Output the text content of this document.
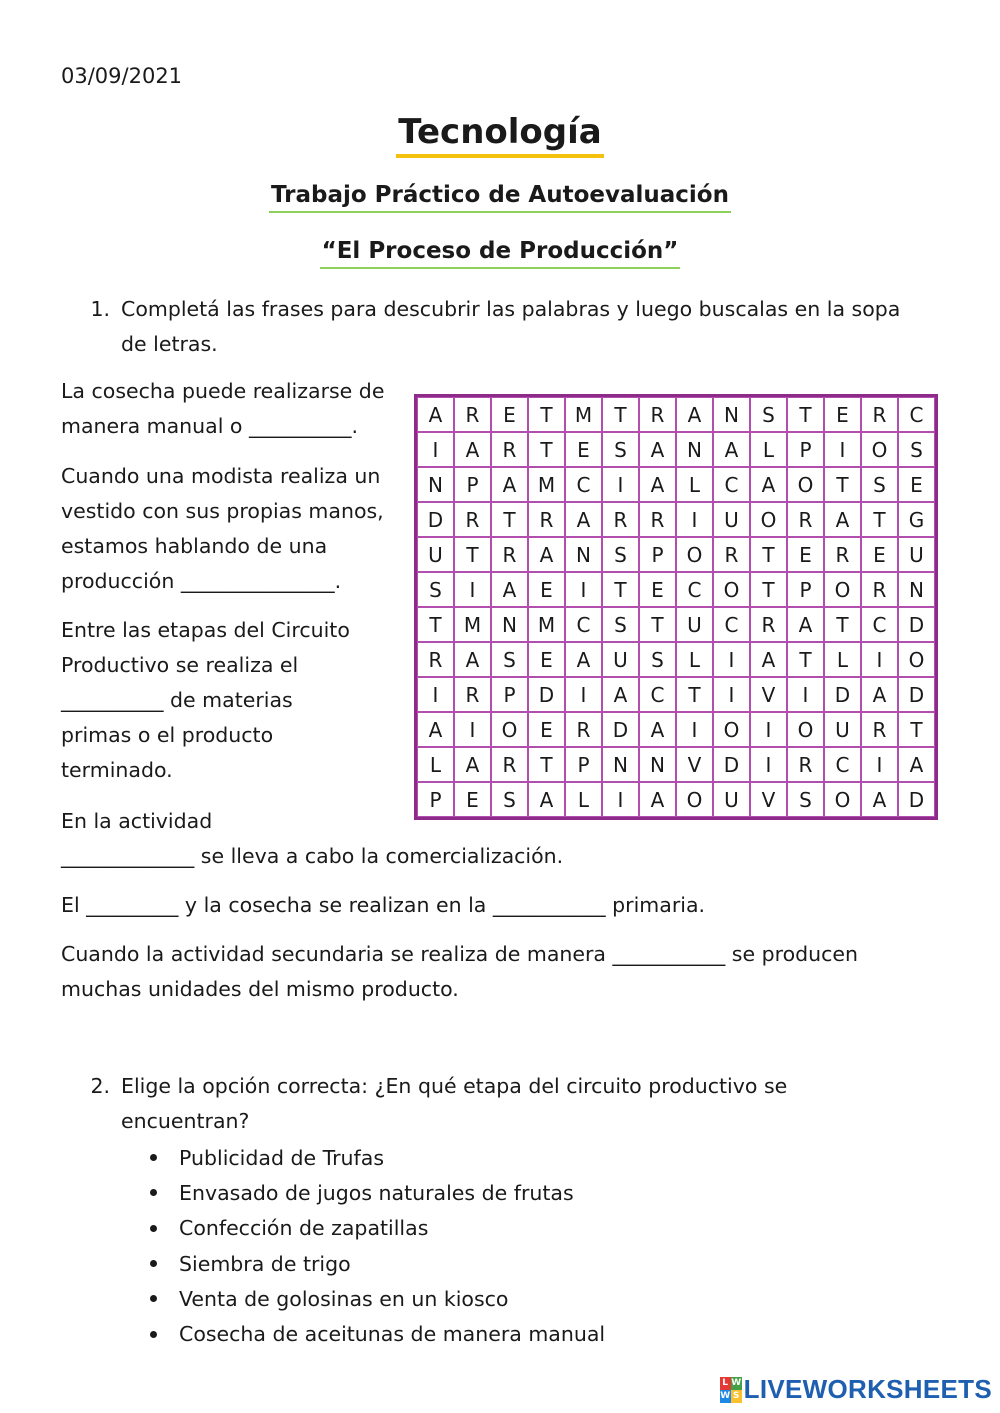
03/09/2021
Tecnología
Trabajo Práctico de Autoevaluación
“El Proceso de Producción”
1. Completá las frases para descubrir las palabras y luego buscalas en la sopa
de letras.
La cosecha puede realizarse de
manera manual o __________.
Cuando una modista realiza un
vestido con sus propias manos,
estamos hablando de una
producción _______________.
Entre las etapas del Circuito
Productivo se realiza el
__________ de materias
primas o el producto
terminado.
En la actividad
_____________ se lleva a cabo la comercialización.
El _________ y la cosecha se realizan en la ___________ primaria.
Cuando la actividad secundaria se realiza de manera ___________ se producen
muchas unidades del mismo producto.
A	R	E	T	M	T	R	A	N	S	T	E	R	C
I	A	R	T	E	S	A	N	A	L	P	I	O	S
N	P	A	M	C	I	A	L	C	A	O	T	S	E
D	R	T	R	A	R	R	I	U	O	R	A	T	G
U	T	R	A	N	S	P	O	R	T	E	R	E	U
S	I	A	E	I	T	E	C	O	T	P	O	R	N
T	M	N	M	C	S	T	U	C	R	A	T	C	D
R	A	S	E	A	U	S	L	I	A	T	L	I	O
I	R	P	D	I	A	C	T	I	V	I	D	A	D
A	I	O	E	R	D	A	I	O	I	O	U	R	T
L	A	R	T	P	N	N	V	D	I	R	C	I	A
P	E	S	A	L	I	A	O	U	V	S	O	A	D
2. Elige la opción correcta: ¿En qué etapa del circuito productivo se
encuentran?
Publicidad de Trufas
Envasado de jugos naturales de frutas
Confección de zapatillas
Siembra de trigo
Venta de golosinas en un kiosco
Cosecha de aceitunas de manera manual
L W
W S LIVEWORKSHEETS
